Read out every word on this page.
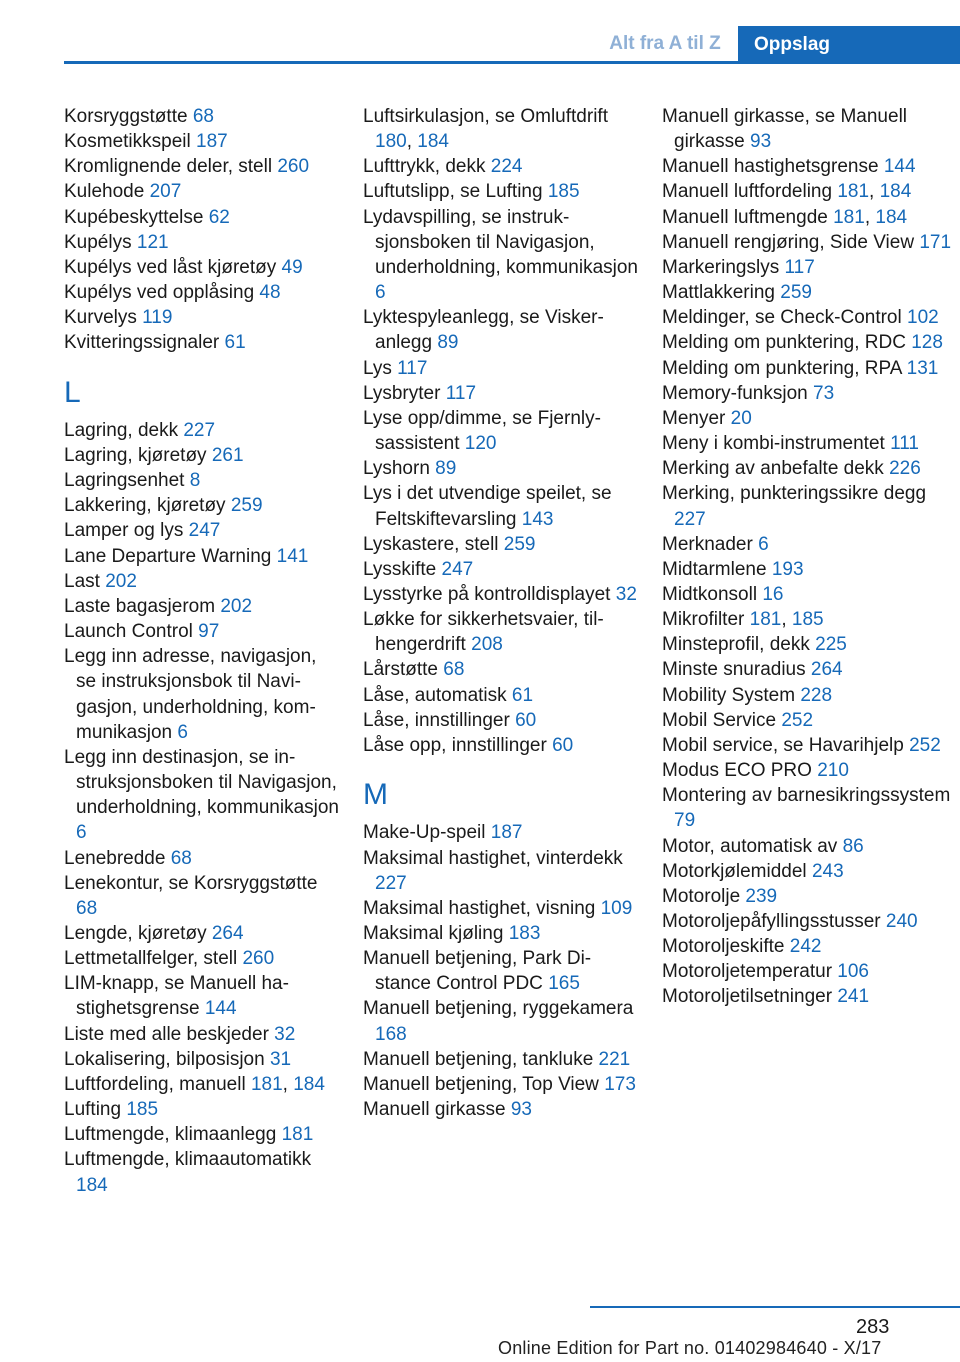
Alt fra A til Z	Oppslag
Korsryggstøtte 68
Kosmetikkspeil 187
Kromlignende deler, stell 260
Kulehode 207
Kupébeskyttelse 62
Kupélys 121
Kupélys ved låst kjøretøy 49
Kupélys ved opplåsing 48
Kurvelys 119
Kvitteringssignaler 61
L
Lagring, dekk 227
Lagring, kjøretøy 261
Lagringsenhet 8
Lakkering, kjøretøy 259
Lamper og lys 247
Lane Departure Warning 141
Last 202
Laste bagasjerom 202
Launch Control 97
Legg inn adresse, navigasjon, se instruksjonsbok til Navigasjon, underholdning, kommunikasjon 6
Legg inn destinasjon, se instruksjonsboken til Navigasjon, underholdning, kommunikasjon 6
Lenebredde 68
Lenekontur, se Korsryggstøtte 68
Lengde, kjøretøy 264
Lettmetallfelger, stell 260
LIM-knapp, se Manuell hastighetsgrense 144
Liste med alle beskjeder 32
Lokalisering, bilposisjon 31
Luftfordeling, manuell 181, 184
Lufting 185
Luftmengde, klimaanlegg 181
Luftmengde, klimaautomatikk 184
Luftsirkulasjon, se Omluftdrift 180, 184
Lufttrykk, dekk 224
Luftutslipp, se Lufting 185
Lydavspilling, se instruksjonsboken til Navigasjon, underholdning, kommunikasjon 6
Lyktespyleanlegg, se Viskeranlegg 89
Lys 117
Lysbryter 117
Lyse opp/dimme, se Fjernlysassistent 120
Lyshorn 89
Lys i det utvendige speilet, se Feltskiftevarsling 143
Lyskastere, stell 259
Lysskifte 247
Lysstyrke på kontrolldisplayet 32
Løkke for sikkerhetsvaier, tilhengerdrift 208
Lårstøtte 68
Låse, automatisk 61
Låse, innstillinger 60
Låse opp, innstillinger 60
M
Make-Up-speil 187
Maksimal hastighet, vinterdekk 227
Maksimal hastighet, visning 109
Maksimal kjøling 183
Manuell betjening, Park Distance Control PDC 165
Manuell betjening, ryggekamera 168
Manuell betjening, tankluke 221
Manuell betjening, Top View 173
Manuell girkasse 93
Manuell girkasse, se Manuell girkasse 93
Manuell hastighetsgrense 144
Manuell luftfordeling 181, 184
Manuell luftmengde 181, 184
Manuell rengjøring, Side View 171
Markeringslys 117
Mattlakkering 259
Meldinger, se Check-Control 102
Melding om punktering, RDC 128
Melding om punktering, RPA 131
Memory-funksjon 73
Menyer 20
Meny i kombi-instrumentet 111
Merking av anbefalte dekk 226
Merking, punkteringssikre degg 227
Merknader 6
Midtarmlene 193
Midtkonsoll 16
Mikrofilter 181, 185
Minsteprofil, dekk 225
Minste snuradius 264
Mobility System 228
Mobil Service 252
Mobil service, se Havarihjelp 252
Modus ECO PRO 210
Montering av barnesikringssystem 79
Motor, automatisk av 86
Motorkjølemiddel 243
Motorolje 239
Motoroljepåfyllingsstusser 240
Motoroljeskifte 242
Motoroljetemperatur 106
Motoroljetilsetninger 241
283
Online Edition for Part no. 01402984640 - X/17
